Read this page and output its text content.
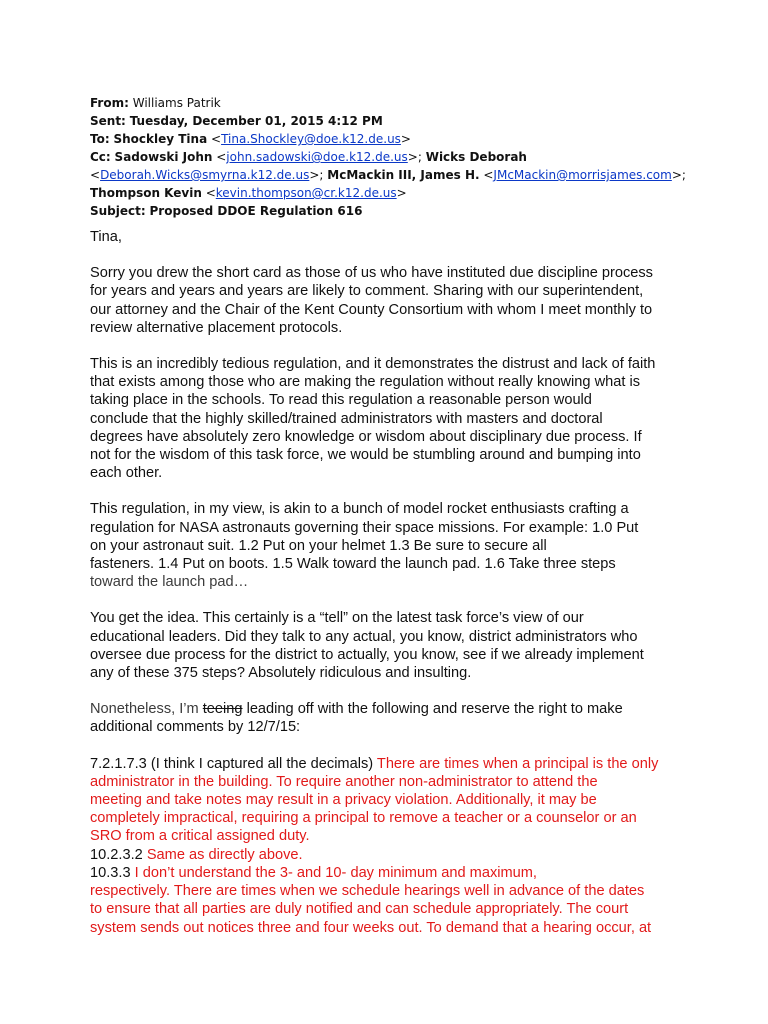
From: Williams Patrik
Sent: Tuesday, December 01, 2015 4:12 PM
To: Shockley Tina <Tina.Shockley@doe.k12.de.us>
Cc: Sadowski John <john.sadowski@doe.k12.de.us>; Wicks Deborah
<Deborah.Wicks@smyrna.k12.de.us>; McMackin III, James H. <JMcMackin@morrisjames.com>;
Thompson Kevin <kevin.thompson@cr.k12.de.us>
Subject: Proposed DDOE Regulation 616

Tina,

Sorry you drew the short card as those of us who have instituted due discipline process
for years and years and years are likely to comment. Sharing with our superintendent,
our attorney and the Chair of the Kent County Consortium with whom I meet monthly to
review alternative placement protocols.

This is an incredibly tedious regulation, and it demonstrates the distrust and lack of faith
that exists among those who are making the regulation without really knowing what is
taking place in the schools. To read this regulation a reasonable person would
conclude that the highly skilled/trained administrators with masters and doctoral
degrees have absolutely zero knowledge or wisdom about disciplinary due process. If
not for the wisdom of this task force, we would be stumbling around and bumping into
each other.

This regulation, in my view, is akin to a bunch of model rocket enthusiasts crafting a
regulation for NASA astronauts governing their space missions. For example: 1.0 Put
on your astronaut suit. 1.2 Put on your helmet 1.3 Be sure to secure all
fasteners. 1.4 Put on boots. 1.5 Walk toward the launch pad. 1.6 Take three steps
toward the launch pad…

You get the idea. This certainly is a “tell” on the latest task force’s view of our
educational leaders. Did they talk to any actual, you know, district administrators who
oversee due process for the district to actually, you know, see if we already implement
any of these 375 steps? Absolutely ridiculous and insulting.

Nonetheless, I’m teeing leading off with the following and reserve the right to make
additional comments by 12/7/15:

7.2.1.7.3 (I think I captured all the decimals) There are times when a principal is the only
administrator in the building. To require another non-administrator to attend the
meeting and take notes may result in a privacy violation. Additionally, it may be
completely impractical, requiring a principal to remove a teacher or a counselor or an
SRO from a critical assigned duty.
10.2.3.2 Same as directly above.
10.3.3 I don’t understand the 3- and 10- day minimum and maximum,
respectively. There are times when we schedule hearings well in advance of the dates
to ensure that all parties are duly notified and can schedule appropriately. The court
system sends out notices three and four weeks out. To demand that a hearing occur, at
